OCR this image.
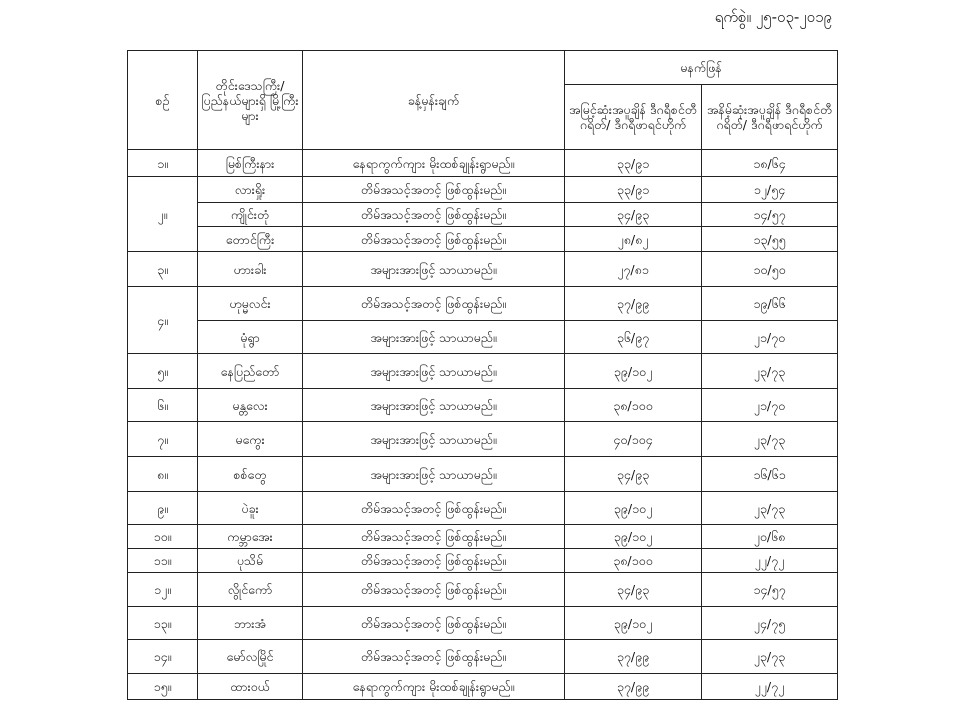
ရက်စွဲ။ ၂၅-၀၃-၂၀၁၉
စဉ်	တိုင်းဒေသကြီး/ ပြည်နယ်များရှိ မြို့ကြီးများ	ခန့်မှန်းချက်	မနက်ဖြန်	
			အမြင့်ဆုံးအပူချိန် ဒီဂရီစင်တီဂရိတ်/ ဒီဂရီဖာရင်ဟိုက်	အနိမ့်ဆုံးအပူချိန် ဒီဂရီစင်တီဂရိတ်/ ဒီဂရီဖာရင်ဟိုက်
၁။	မြစ်ကြီးနား	နေရာကွက်ကျား မိုးထစ်ချုန်းရွာမည်။	၃၃/၉၁	၁၈/၆၄
၂။	လားရှိုး	တိမ်အသင့်အတင့် ဖြစ်ထွန်းမည်။	၃၃/၉၁	၁၂/၅၄
	ကျိုင်းတုံ	တိမ်အသင့်အတင့် ဖြစ်ထွန်းမည်။	၃၄/၉၃	၁၄/၅၇
	တောင်ကြီး	တိမ်အသင့်အတင့် ဖြစ်ထွန်းမည်။	၂၈/၈၂	၁၃/၅၅
၃။	ဟားခါး	အများအားဖြင့် သာယာမည်။	၂၇/၈၁	၁၀/၅၀
၄။	ဟုမ္မလင်း	တိမ်အသင့်အတင့် ဖြစ်ထွန်းမည်။	၃၇/၉၉	၁၉/၆၆
	မုံရွာ	အများအားဖြင့် သာယာမည်။	၃၆/၉၇	၂၁/၇၀
၅။	နေပြည်တော်	အများအားဖြင့် သာယာမည်။	၃၉/၁၀၂	၂၃/၇၃
၆။	မန္တလေး	အများအားဖြင့် သာယာမည်။	၃၈/၁၀၀	၂၁/၇၀
၇။	မကွေး	အများအားဖြင့် သာယာမည်။	၄၀/၁၀၄	၂၃/၇၃
၈။	စစ်တွေ	အများအားဖြင့် သာယာမည်။	၃၄/၉၃	၁၆/၆၁
၉။	ပဲခူး	တိမ်အသင့်အတင့် ဖြစ်ထွန်းမည်။	၃၉/၁၀၂	၂၃/၇၃
၁၀။	ကမ္ဘာအေး	တိမ်အသင့်အတင့် ဖြစ်ထွန်းမည်။	၃၉/၁၀၂	၂၀/၆၈
၁၁။	ပုသိမ်	တိမ်အသင့်အတင့် ဖြစ်ထွန်းမည်။	၃၈/၁၀၀	၂၂/၇၂
၁၂။	လွိုင်ကော်	တိမ်အသင့်အတင့် ဖြစ်ထွန်းမည်။	၃၄/၉၃	၁၄/၅၇
၁၃။	ဘားအံ	တိမ်အသင့်အတင့် ဖြစ်ထွန်းမည်။	၃၉/၁၀၂	၂၄/၇၅
၁၄။	မော်လမြိုင်	တိမ်အသင့်အတင့် ဖြစ်ထွန်းမည်။	၃၇/၉၉	၂၃/၇၃
၁၅။	ထားဝယ်	နေရာကွက်ကျား မိုးထစ်ချုန်းရွာမည်။	၃၇/၉၉	၂၂/၇၂
